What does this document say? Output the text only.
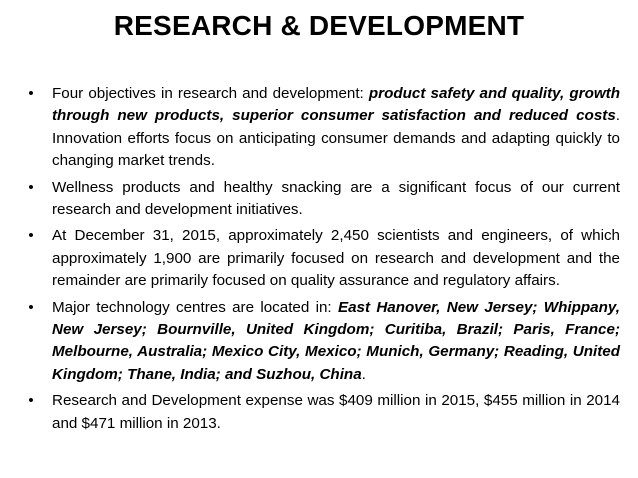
RESEARCH & DEVELOPMENT
• Four objectives in research and development: product safety and quality, growth through new products, superior consumer satisfaction and reduced costs. Innovation efforts focus on anticipating consumer demands and adapting quickly to changing market trends.
• Wellness products and healthy snacking are a significant focus of our current research and development initiatives.
• At December 31, 2015, approximately 2,450 scientists and engineers, of which approximately 1,900 are primarily focused on research and development and the remainder are primarily focused on quality assurance and regulatory affairs.
• Major technology centres are located in: East Hanover, New Jersey; Whippany, New Jersey; Bournville, United Kingdom; Curitiba, Brazil; Paris, France; Melbourne, Australia; Mexico City, Mexico; Munich, Germany; Reading, United Kingdom; Thane, India; and Suzhou, China.
• Research and Development expense was $409 million in 2015, $455 million in 2014 and $471 million in 2013.
